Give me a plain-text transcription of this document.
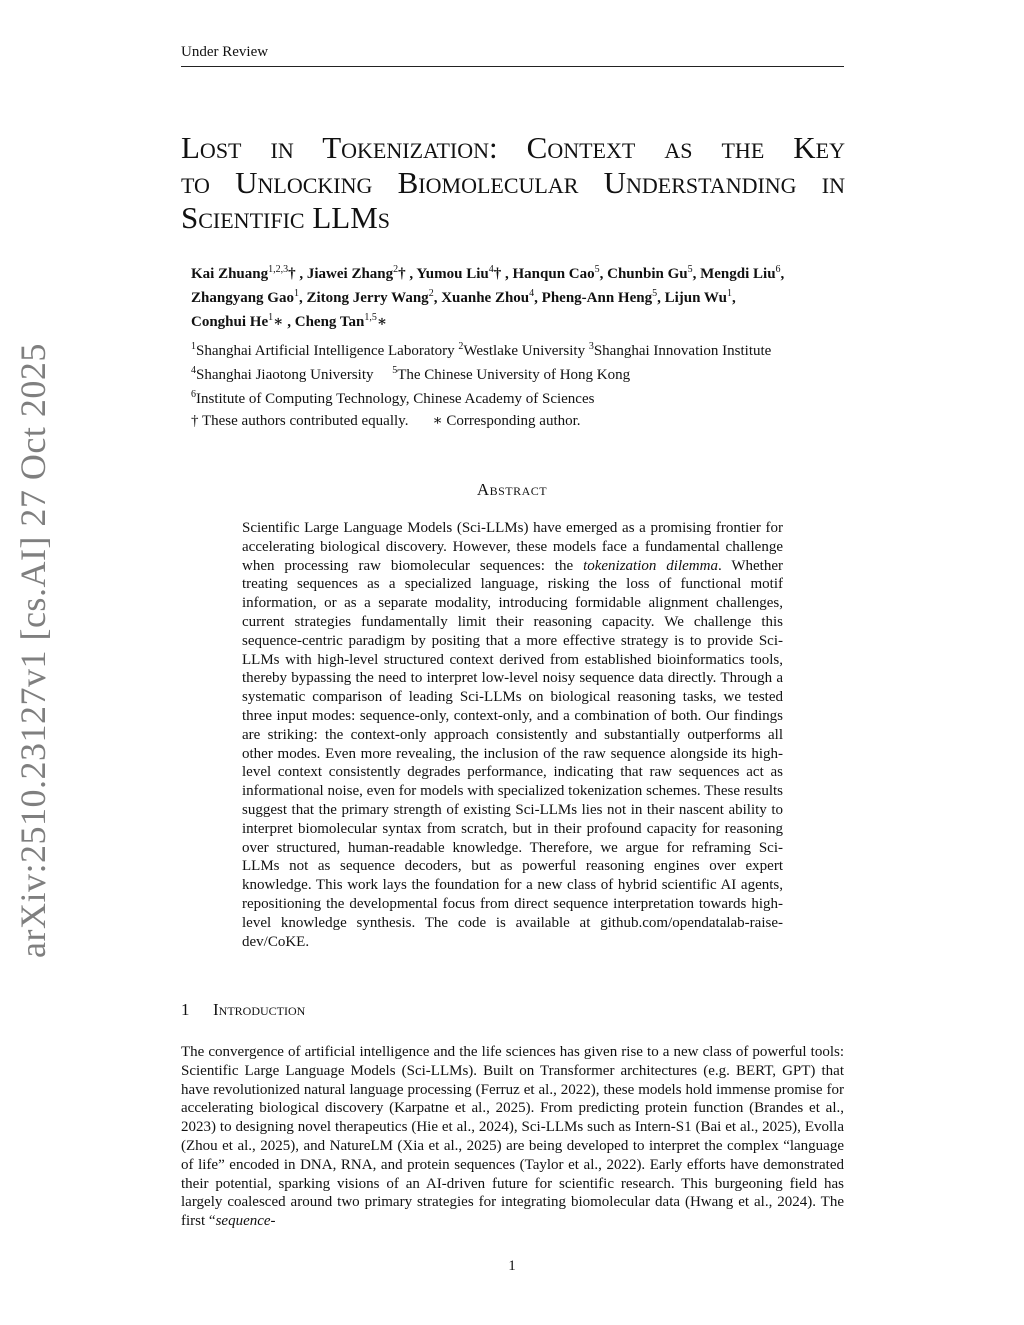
Under Review
arXiv:2510.23127v1 [cs.AI] 27 Oct 2025
Lost in Tokenization: Context as the Key
to Unlocking Biomolecular Understanding in
Scientific LLMs
Kai Zhuang$^{1,2,3}$† , Jiawei Zhang$^2$† , Yumou Liu$^4$† , Hanqun Cao$^5$, Chunbin Gu$^5$, Mengdi Liu$^6$,
Zhangyang Gao$^1$, Zitong Jerry Wang$^2$, Xuanhe Zhou$^4$, Pheng-Ann Heng$^5$, Lijun Wu$^1$,
Conghui He$^1$∗ , Cheng Tan$^{1,5}$∗
$^1$Shanghai Artificial Intelligence Laboratory $^2$Westlake University $^3$Shanghai Innovation Institute
$^4$Shanghai Jiaotong University $^5$The Chinese University of Hong Kong
$^6$Institute of Computing Technology, Chinese Academy of Sciences
† These authors contributed equally. ∗ Corresponding author.
Abstract

Scientific Large Language Models (Sci-LLMs) have emerged as a promising frontier for accelerating biological discovery. However, these models face a fundamental challenge when processing raw biomolecular sequences: the tokenization dilemma. Whether treating sequences as a specialized language, risking the loss of functional motif information, or as a separate modality, introducing formidable alignment challenges, current strategies fundamentally limit their reasoning capacity. We challenge this sequence-centric paradigm by positing that a more effective strategy is to provide Sci-LLMs with high-level structured context derived from established bioinformatics tools, thereby bypassing the need to interpret low-level noisy sequence data directly. Through a systematic comparison of leading Sci-LLMs on biological reasoning tasks, we tested three input modes: sequence-only, context-only, and a combination of both. Our findings are striking: the context-only approach consistently and substantially outperforms all other modes. Even more revealing, the inclusion of the raw sequence alongside its high-level context consistently degrades performance, indicating that raw sequences act as informational noise, even for models with specialized tokenization schemes. These results suggest that the primary strength of existing Sci-LLMs lies not in their nascent ability to interpret biomolecular syntax from scratch, but in their profound capacity for reasoning over structured, human-readable knowledge. Therefore, we argue for reframing Sci-LLMs not as sequence decoders, but as powerful reasoning engines over expert knowledge. This work lays the foundation for a new class of hybrid scientific AI agents, repositioning the developmental focus from direct sequence interpretation towards high-level knowledge synthesis. The code is available at github.com/opendatalab-raise-dev/CoKE.

1 Introduction

The convergence of artificial intelligence and the life sciences has given rise to a new class of powerful tools: Scientific Large Language Models (Sci-LLMs). Built on Transformer architectures (e.g. BERT, GPT) that have revolutionized natural language processing (Ferruz et al., 2022), these models hold immense promise for accelerating biological discovery (Karpatne et al., 2025). From predicting protein function (Brandes et al., 2023) to designing novel therapeutics (Hie et al., 2024), Sci-LLMs such as Intern-S1 (Bai et al., 2025), Evolla (Zhou et al., 2025), and NatureLM (Xia et al., 2025) are being developed to interpret the complex “language of life” encoded in DNA, RNA, and protein sequences (Taylor et al., 2022). Early efforts have demonstrated their potential, sparking visions of an AI-driven future for scientific research. This burgeoning field has largely coalesced around two primary strategies for integrating biomolecular data (Hwang et al., 2024). The first “sequence-

1
